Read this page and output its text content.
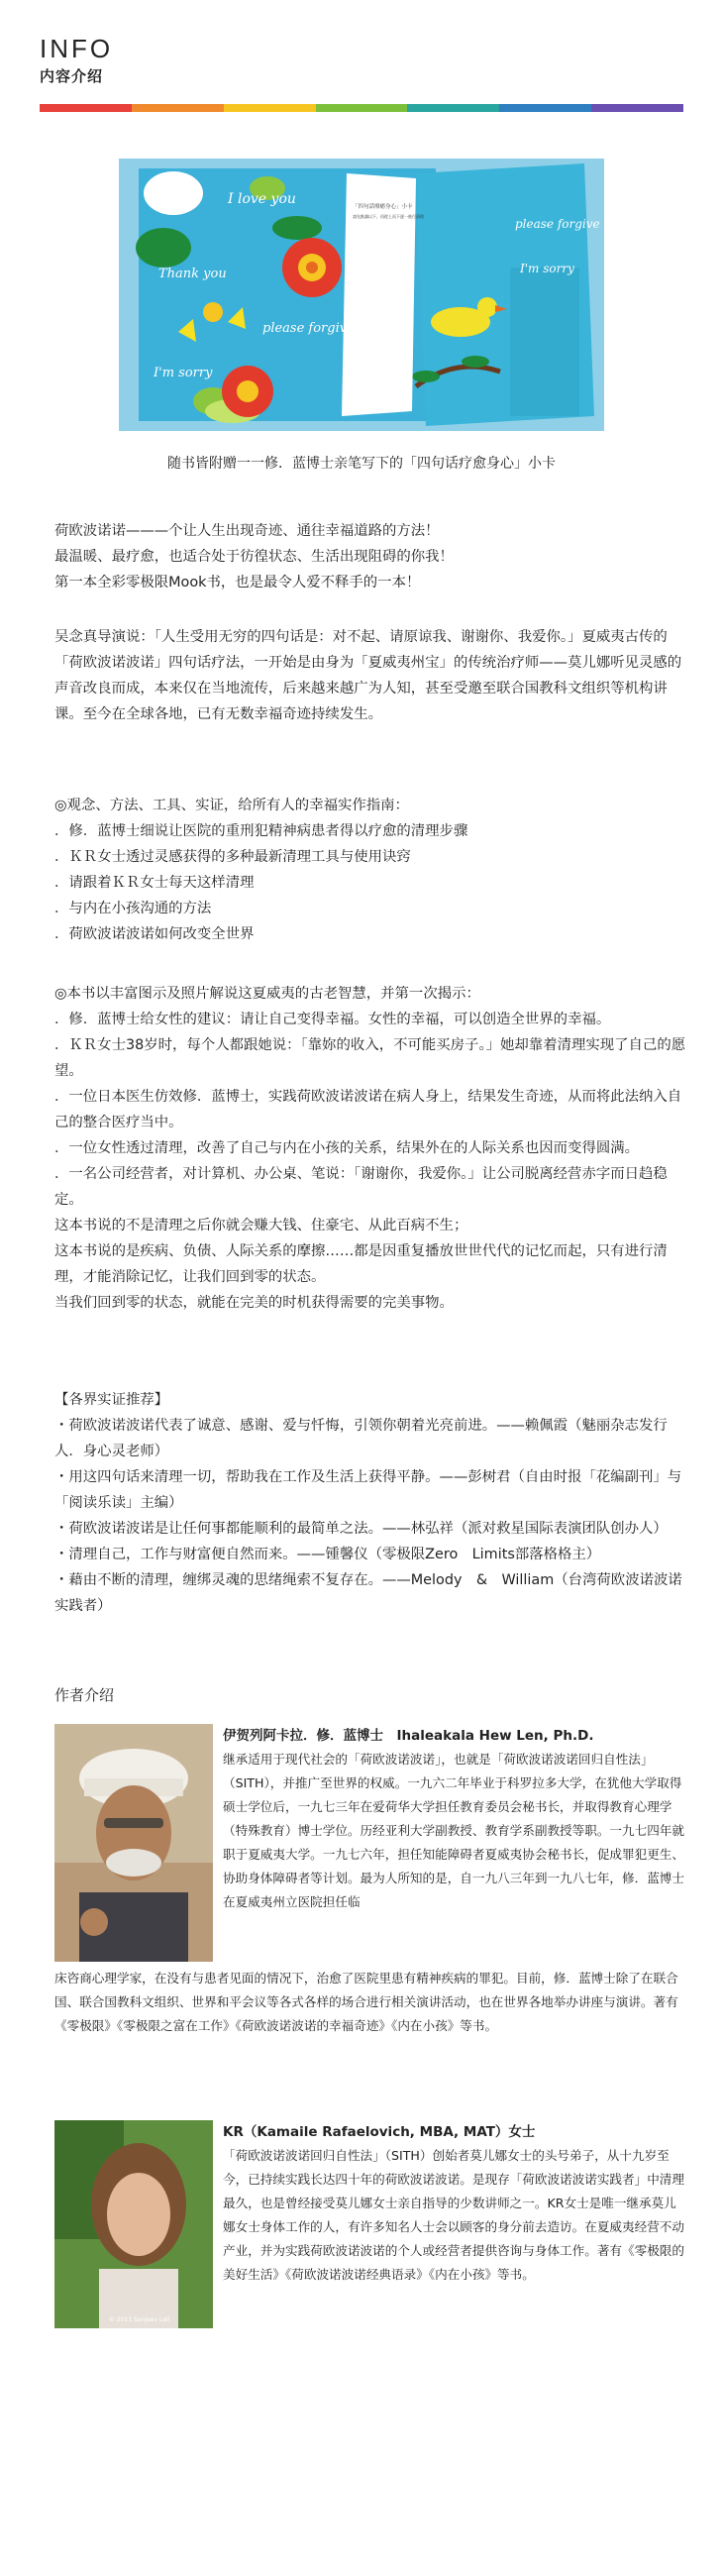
INFO
内容介绍
I love you
Thank you
please forgive me
I'm sorry
「四句話療癒身心」小卡
請先點讀以下，再從上而下逐一進行清理
please forgive me
I'm sorry
随书皆附赠一一修．蓝博士亲笔写下的「四句话疗愈身心」小卡

荷欧波诺诺———个让人生出现奇迹、通往幸福道路的方法！

最温暖、最疗愈，也适合处于彷徨状态、生活出现阻碍的你我！

第一本全彩零极限Mook书，也是最令人爱不释手的一本！

吴念真导演说：「人生受用无穷的四句话是：对不起、请原谅我、谢谢你、我爱你。」夏威夷古传的「荷欧波诺波诺」四句话疗法，一开始是由身为「夏威夷州宝」的传统治疗师——莫儿娜听见灵感的声音改良而成，本来仅在当地流传，后来越来越广为人知，甚至受邀至联合国教科文组织等机构讲课。至今在全球各地，已有无数幸福奇迹持续发生。

◎观念、方法、工具、实证，给所有人的幸福实作指南：

．修．蓝博士细说让医院的重刑犯精神病患者得以疗愈的清理步骤

．ＫＲ女士透过灵感获得的多种最新清理工具与使用诀窍

．请跟着ＫＲ女士每天这样清理

．与内在小孩沟通的方法

．荷欧波诺波诺如何改变全世界

◎本书以丰富图示及照片解说这夏威夷的古老智慧，并第一次揭示：

．修．蓝博士给女性的建议：请让自己变得幸福。女性的幸福，可以创造全世界的幸福。

．ＫＲ女士38岁时，每个人都跟她说：「靠妳的收入，不可能买房子。」她却靠着清理实现了自己的愿望。

．一位日本医生仿效修．蓝博士，实践荷欧波诺波诺在病人身上，结果发生奇迹，从而将此法纳入自己的整合医疗当中。

．一位女性透过清理，改善了自己与内在小孩的关系，结果外在的人际关系也因而变得圆满。

．一名公司经营者，对计算机、办公桌、笔说：「谢谢你，我爱你。」让公司脱离经营赤字而日趋稳定。

这本书说的不是清理之后你就会赚大钱、住豪宅、从此百病不生；

这本书说的是疾病、负债、人际关系的摩擦……都是因重复播放世世代代的记忆而起，只有进行清理，才能消除记忆，让我们回到零的状态。

当我们回到零的状态，就能在完美的时机获得需要的完美事物。

【各界实证推荐】

・荷欧波诺波诺代表了诚意、感谢、爱与忏悔，引领你朝着光亮前进。——赖佩霞（魅丽杂志发行人．身心灵老师）

・用这四句话来清理一切，帮助我在工作及生活上获得平静。——彭树君（自由时报「花编副刊」与「阅读乐读」主编）

・荷欧波诺波诺是让任何事都能顺利的最简单之法。——林弘祥（派对救星国际表演团队创办人）

・清理自己，工作与财富便自然而来。——锺馨仪（零极限Zero　Limits部落格格主）

・藉由不断的清理，缠绑灵魂的思绪绳索不复存在。——Melody　&　William（台湾荷欧波诺波诺实践者）

作者介绍
伊贺列阿卡拉．修．蓝博士　Ihaleakala Hew Len, Ph.D.
继承适用于现代社会的「荷欧波诺波诺」，也就是「荷欧波诺波诺回归自性法」（SITH），并推广至世界的权威。一九六二年毕业于科罗拉多大学，在犹他大学取得硕士学位后，一九七三年在爱荷华大学担任教育委员会秘书长，并取得教育心理学（特殊教育）博士学位。历经亚利大学副教授、教育学系副教授等职。一九七四年就职于夏威夷大学。一九七六年，担任知能障碍者夏威夷协会秘书长，促成罪犯更生、协助身体障碍者等计划。最为人所知的是，自一九八三年到一九八七年，修．蓝博士在夏威夷州立医院担任临
床咨商心理学家，在没有与患者见面的情况下，治愈了医院里患有精神疾病的罪犯。目前，修．蓝博士除了在联合国、联合国教科文组织、世界和平会议等各式各样的场合进行相关演讲活动，也在世界各地举办讲座与演讲。著有《零极限》《零极限之富在工作》《荷欧波诺波诺的幸福奇迹》《内在小孩》等书。
© 2011 Sanjeev Lall
KR（Kamaile Rafaelovich, MBA, MAT）女士
「荷欧波诺波诺回归自性法」（SITH）创始者莫儿娜女士的头号弟子，从十九岁至今，已持续实践长达四十年的荷欧波诺波诺。是现存「荷欧波诺波诺实践者」中清理最久，也是曾经接受莫儿娜女士亲自指导的少数讲师之一。KR女士是唯一继承莫儿娜女士身体工作的人，有许多知名人士会以顾客的身分前去造访。在夏威夷经营不动产业，并为实践荷欧波诺波诺的个人或经营者提供咨询与身体工作。著有《零极限的美好生活》《荷欧波诺波诺经典语录》《内在小孩》等书。
